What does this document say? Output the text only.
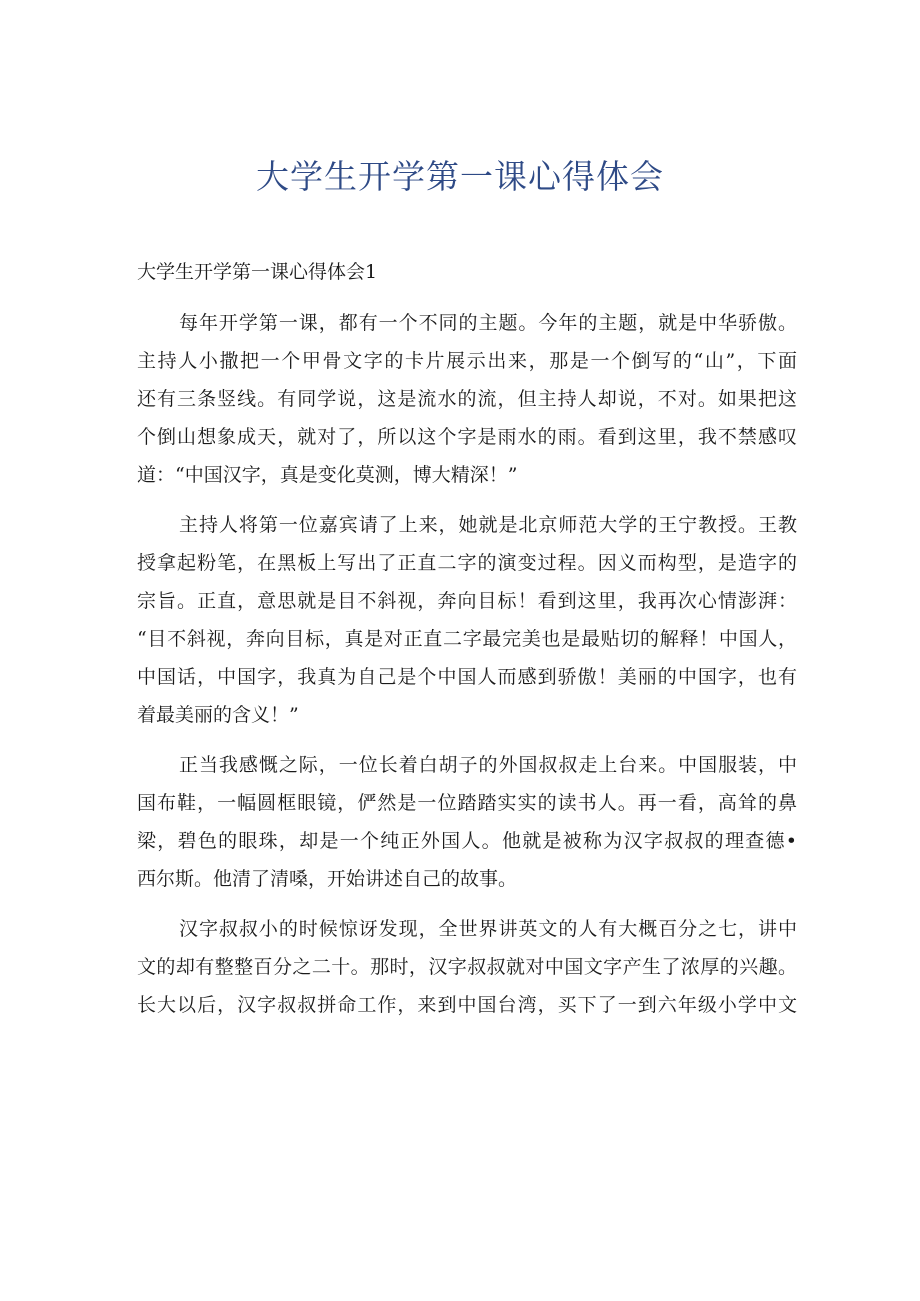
大学生开学第一课心得体会
大学生开学第一课心得体会1
每年开学第一课，都有一个不同的主题。今年的主题，就是中华骄傲。
主持人小撒把一个甲骨文字的卡片展示出来，那是一个倒写的“山”，下面
还有三条竖线。有同学说，这是流水的流，但主持人却说，不对。如果把这
个倒山想象成天，就对了，所以这个字是雨水的雨。看到这里，我不禁感叹
道：“中国汉字，真是变化莫测，博大精深！”
主持人将第一位嘉宾请了上来，她就是北京师范大学的王宁教授。王教
授拿起粉笔，在黑板上写出了正直二字的演变过程。因义而构型，是造字的
宗旨。正直，意思就是目不斜视，奔向目标！看到这里，我再次心情澎湃：
“目不斜视，奔向目标，真是对正直二字最完美也是最贴切的解释！中国人，
中国话，中国字，我真为自己是个中国人而感到骄傲！美丽的中国字，也有
着最美丽的含义！”
正当我感慨之际，一位长着白胡子的外国叔叔走上台来。中国服装，中
国布鞋，一幅圆框眼镜，俨然是一位踏踏实实的读书人。再一看，高耸的鼻
梁，碧色的眼珠，却是一个纯正外国人。他就是被称为汉字叔叔的理查德•
西尔斯。他清了清嗓，开始讲述自己的故事。
汉字叔叔小的时候惊讶发现，全世界讲英文的人有大概百分之七，讲中
文的却有整整百分之二十。那时，汉字叔叔就对中国文字产生了浓厚的兴趣。
长大以后，汉字叔叔拼命工作，来到中国台湾，买下了一到六年级小学中文
